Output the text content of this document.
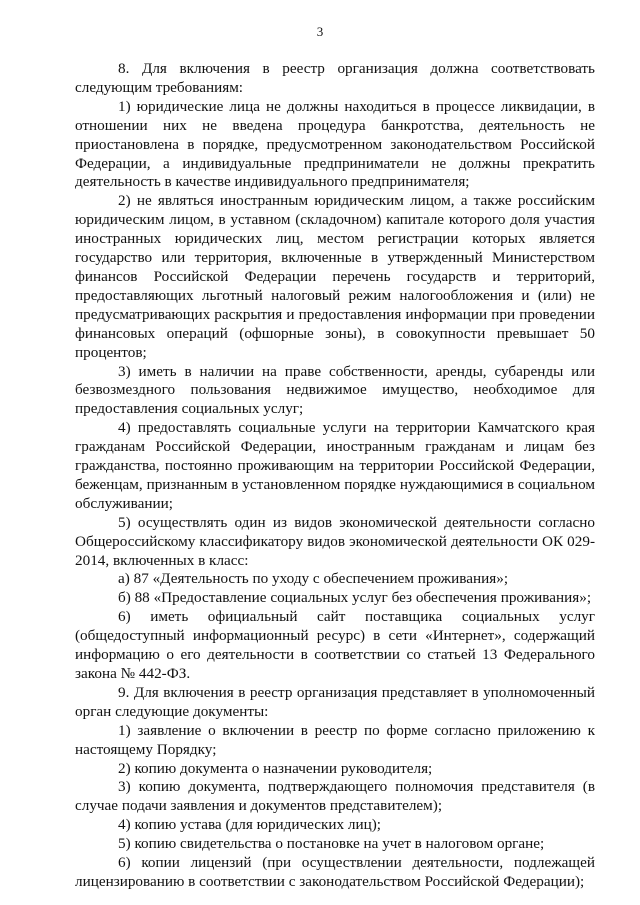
3

8. Для включения в реестр организация должна соответствовать следующим требованиям:

1) юридические лица не должны находиться в процессе ликвидации, в отношении них не введена процедура банкротства, деятельность не приостановлена в порядке, предусмотренном законодательством Российской Федерации, а индивидуальные предприниматели не должны прекратить деятельность в качестве индивидуального предпринимателя;

2) не являться иностранным юридическим лицом, а также российским юридическим лицом, в уставном (складочном) капитале которого доля участия иностранных юридических лиц, местом регистрации которых является государство или территория, включенные в утвержденный Министерством финансов Российской Федерации перечень государств и территорий, предоставляющих льготный налоговый режим налогообложения и (или) не предусматривающих раскрытия и предоставления информации при проведении финансовых операций (офшорные зоны), в совокупности превышает 50 процентов;

3) иметь в наличии на праве собственности, аренды, субаренды или безвозмездного пользования недвижимое имущество, необходимое для предоставления социальных услуг;

4) предоставлять социальные услуги на территории Камчатского края гражданам Российской Федерации, иностранным гражданам и лицам без гражданства, постоянно проживающим на территории Российской Федерации, беженцам, признанным в установленном порядке нуждающимися в социальном обслуживании;

5) осуществлять один из видов экономической деятельности согласно Общероссийскому классификатору видов экономической деятельности ОК 029-2014, включенных в класс:

а) 87 «Деятельность по уходу с обеспечением проживания»;

б) 88 «Предоставление социальных услуг без обеспечения проживания»;

6) иметь официальный сайт поставщика социальных услуг (общедоступный информационный ресурс) в сети «Интернет», содержащий информацию о его деятельности в соответствии со статьей 13 Федерального закона № 442-ФЗ.

9. Для включения в реестр организация представляет в уполномоченный орган следующие документы:

1) заявление о включении в реестр по форме согласно приложению к настоящему Порядку;

2) копию документа о назначении руководителя;

3) копию документа, подтверждающего полномочия представителя (в случае подачи заявления и документов представителем);

4) копию устава (для юридических лиц);

5) копию свидетельства о постановке на учет в налоговом органе;

6) копии лицензий (при осуществлении деятельности, подлежащей лицензированию в соответствии с законодательством Российской Федерации);
